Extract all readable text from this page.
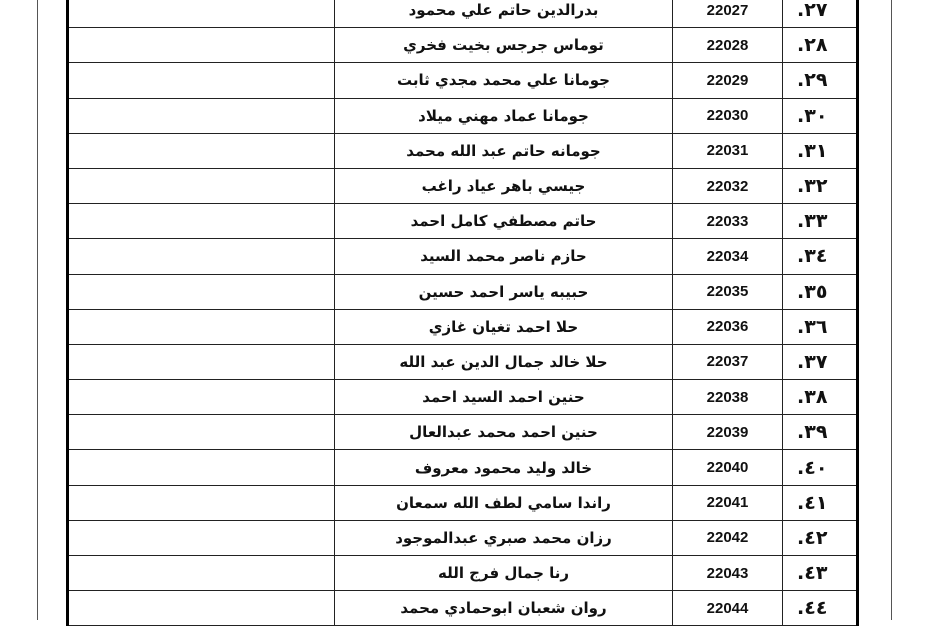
٢٧.	22027	بدرالدين حاتم علي محمود	
٢٨.	22028	توماس جرجس بخيت فخري	
٢٩.	22029	جومانا علي محمد مجدي ثابت	
٣٠.	22030	جومانا عماد مهني ميلاد	
٣١.	22031	جومانه حاتم عبد الله محمد	
٣٢.	22032	جيسي باهر عياد راغب	
٣٣.	22033	حاتم مصطفي كامل احمد	
٣٤.	22034	حازم ناصر محمد السيد	
٣٥.	22035	حبيبه ياسر احمد حسين	
٣٦.	22036	حلا احمد تغيان غازي	
٣٧.	22037	حلا خالد جمال الدين عبد الله	
٣٨.	22038	حنين احمد السيد احمد	
٣٩.	22039	حنين احمد محمد عبدالعال	
٤٠.	22040	خالد وليد محمود معروف	
٤١.	22041	راندا سامي لطف الله سمعان	
٤٢.	22042	رزان محمد صبري عبدالموجود	
٤٣.	22043	رنا جمال فرج الله	
٤٤.	22044	روان شعبان ابوحمادي محمد	
